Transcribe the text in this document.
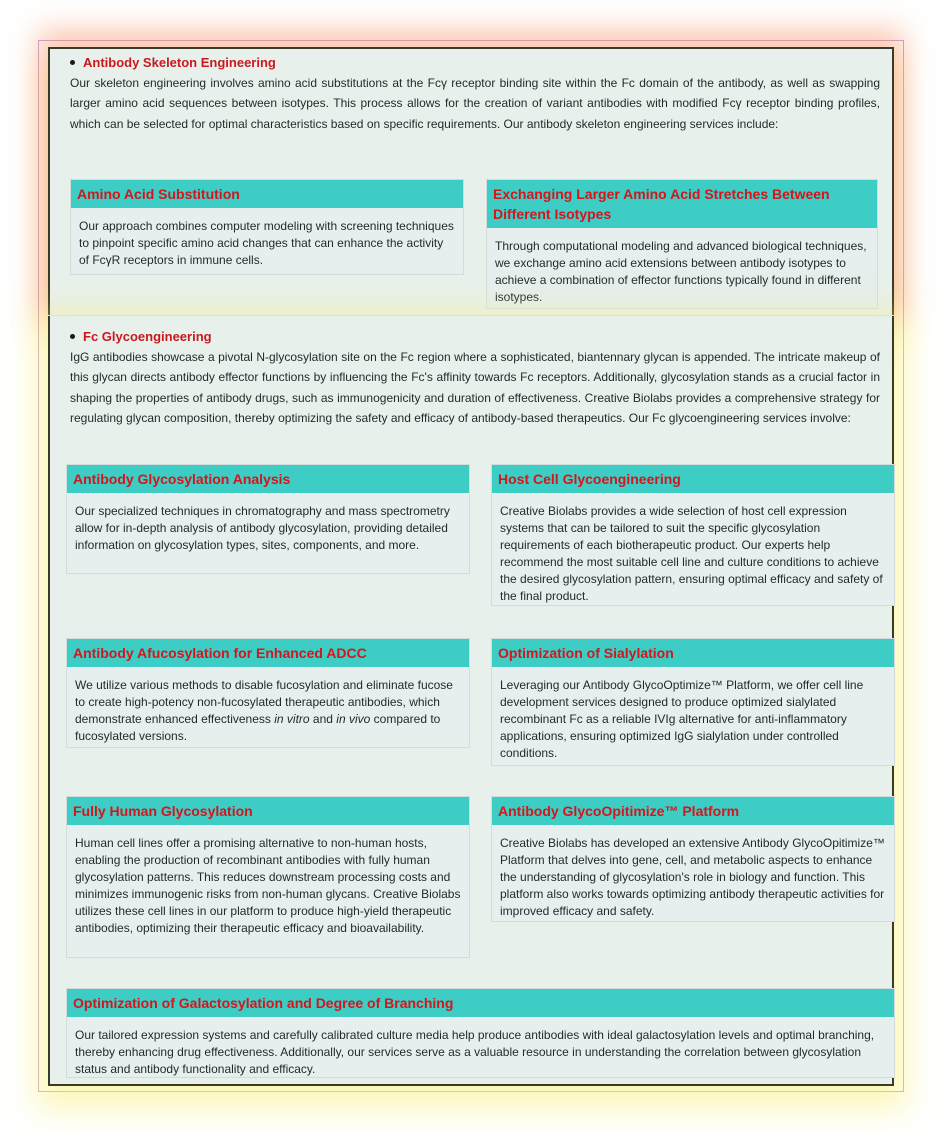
Antibody Skeleton Engineering
Our skeleton engineering involves amino acid substitutions at the Fcγ receptor binding site within the Fc domain of the antibody, as well as swapping larger amino acid sequences between isotypes. This process allows for the creation of variant antibodies with modified Fcγ receptor binding profiles, which can be selected for optimal characteristics based on specific requirements. Our antibody skeleton engineering services include:
Amino Acid Substitution
Our approach combines computer modeling with screening techniques to pinpoint specific amino acid changes that can enhance the activity of FcγR receptors in immune cells.
Exchanging Larger Amino Acid Stretches Between Different Isotypes
Through computational modeling and advanced biological techniques, we exchange amino acid extensions between antibody isotypes to achieve a combination of effector functions typically found in different isotypes.
Fc Glycoengineering
IgG antibodies showcase a pivotal N-glycosylation site on the Fc region where a sophisticated, biantennary glycan is appended. The intricate makeup of this glycan directs antibody effector functions by influencing the Fc's affinity towards Fc receptors. Additionally, glycosylation stands as a crucial factor in shaping the properties of antibody drugs, such as immunogenicity and duration of effectiveness. Creative Biolabs provides a comprehensive strategy for regulating glycan composition, thereby optimizing the safety and efficacy of antibody-based therapeutics. Our Fc glycoengineering services involve:
Antibody Glycosylation Analysis
Our specialized techniques in chromatography and mass spectrometry allow for in-depth analysis of antibody glycosylation, providing detailed information on glycosylation types, sites, components, and more.
Host Cell Glycoengineering
Creative Biolabs provides a wide selection of host cell expression systems that can be tailored to suit the specific glycosylation requirements of each biotherapeutic product. Our experts help recommend the most suitable cell line and culture conditions to achieve the desired glycosylation pattern, ensuring optimal efficacy and safety of the final product.
Antibody Afucosylation for Enhanced ADCC
We utilize various methods to disable fucosylation and eliminate fucose to create high-potency non-fucosylated therapeutic antibodies, which demonstrate enhanced effectiveness in vitro and in vivo compared to fucosylated versions.
Optimization of Sialylation
Leveraging our Antibody GlycoOptimize™ Platform, we offer cell line development services designed to produce optimized sialylated recombinant Fc as a reliable IVIg alternative for anti-inflammatory applications, ensuring optimized IgG sialylation under controlled conditions.
Fully Human Glycosylation
Human cell lines offer a promising alternative to non-human hosts, enabling the production of recombinant antibodies with fully human glycosylation patterns. This reduces downstream processing costs and minimizes immunogenic risks from non-human glycans. Creative Biolabs utilizes these cell lines in our platform to produce high-yield therapeutic antibodies, optimizing their therapeutic efficacy and bioavailability.
Antibody GlycoOpitimize™ Platform
Creative Biolabs has developed an extensive Antibody GlycoOpitimize™ Platform that delves into gene, cell, and metabolic aspects to enhance the understanding of glycosylation's role in biology and function. This platform also works towards optimizing antibody therapeutic activities for improved efficacy and safety.
Optimization of Galactosylation and Degree of Branching
Our tailored expression systems and carefully calibrated culture media help produce antibodies with ideal galactosylation levels and optimal branching, thereby enhancing drug effectiveness. Additionally, our services serve as a valuable resource in understanding the correlation between glycosylation status and antibody functionality and efficacy.
